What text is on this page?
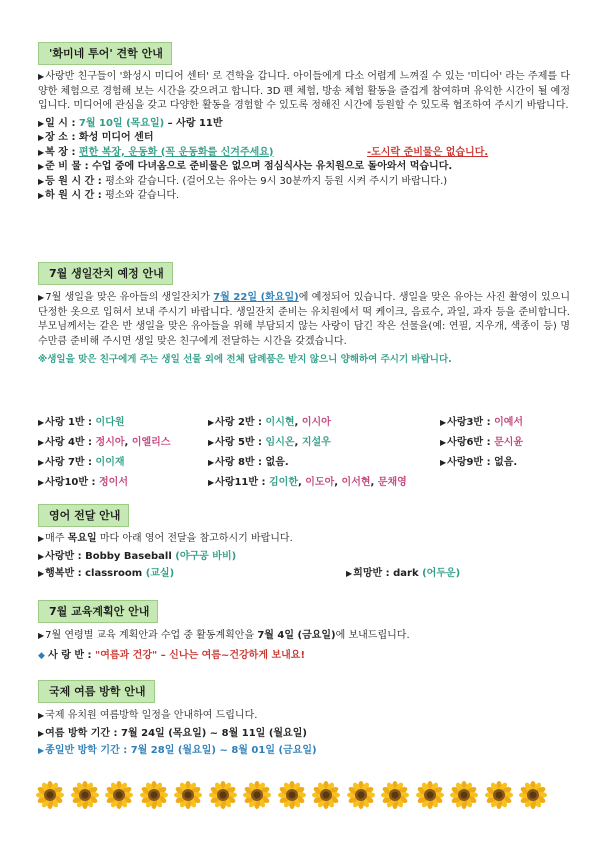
'화미네 투어' 견학 안내
▶사랑반 친구들이 '화성시 미디어 센터' 로 견학을 갑니다. 아이들에게 다소 어렵게 느껴질 수 있는 '미디어' 라는 주제를 다양한 체험으로 경험해 보는 시간을 갖으려고 합니다. 3D 펜 체험, 방송 체험 활동을 즐겁게 참여하며 유익한 시간이 될 예정입니다. 미디어에 관심을 갖고 다양한 활동을 경험할 수 있도록 정해진 시간에 등원할 수 있도록 협조하여 주시기 바랍니다.
▶일 시 : 7월 10일 (목요일) – 사랑 11반
▶장 소 : 화성 미디어 센터
▶복 장 : 편한 복장, 운동화 (꼭 운동화를 신겨주세요)	-도시락 준비물은 없습니다.
▶준 비 물 : 수업 중에 다녀옴으로 준비물은 없으며 점심식사는 유치원으로 돌아와서 먹습니다.
▶등 원 시 간 : 평소와 같습니다. (걸어오는 유아는 9시 30분까지 등원 시켜 주시기 바랍니다.)
▶하 원 시 간 : 평소와 같습니다.
7월 생일잔치 예정 안내
▶7월 생일을 맞은 유아들의 생일잔치가 7월 22일 (화요일)에 예정되어 있습니다. 생일을 맞은 유아는 사진 촬영이 있으니 단정한 옷으로 입혀서 보내 주시기 바랍니다. 생일잔치 준비는 유치원에서 떡 케이크, 음료수, 과일, 과자 등을 준비합니다. 부모님께서는 같은 반 생일을 맞은 유아들을 위해 부담되지 않는 사랑이 담긴 작은 선물을(예: 연필, 지우개, 색종이 등) 명수만큼 준비해 주시면 생일 맞은 친구에게 전달하는 시간을 갖겠습니다.
※생일을 맞은 친구에게 주는 생일 선물 외에 전체 답례품은 받지 않으니 양해하여 주시기 바랍니다.
▶사랑 1반 : 이다원	▶사랑 2반 : 이시현, 이시아	▶사랑3반 : 이예서
▶사랑 4반 : 정시아, 이엘리스	▶사랑 5반 : 임시온, 지설우	▶사랑6반 : 문시윤
▶사랑 7반 : 이이재	▶사랑 8반 : 없음.	▶사랑9반 : 없음.
▶사랑10반 : 정이서	▶사랑11반 : 김이한, 이도아, 이서현, 문채영
영어 전달 안내
▶매주 목요일 마다 아래 영어 전달을 참고하시기 바랍니다.
▶사랑반 : Bobby Baseball (야구공 바비)
▶행복반 : classroom (교실)	▶희망반 : dark (어두운)
7월 교육계획안 안내
▶7월 연령별 교육 계획안과 수업 중 활동계획안을 7월 4일 (금요일)에 보내드립니다.
◆ 사 랑 반 : "여름과 건강" – 신나는 여름~건강하게 보내요!
국제 여름 방학 안내
▶국제 유치원 여름방학 일정을 안내하여 드립니다.
▶여름 방학 기간 : 7월 24일 (목요일) ~ 8월 11일 (월요일)
▶종일반 방학 기간 : 7월 28일 (월요일) ~ 8월 01일 (금요일)
